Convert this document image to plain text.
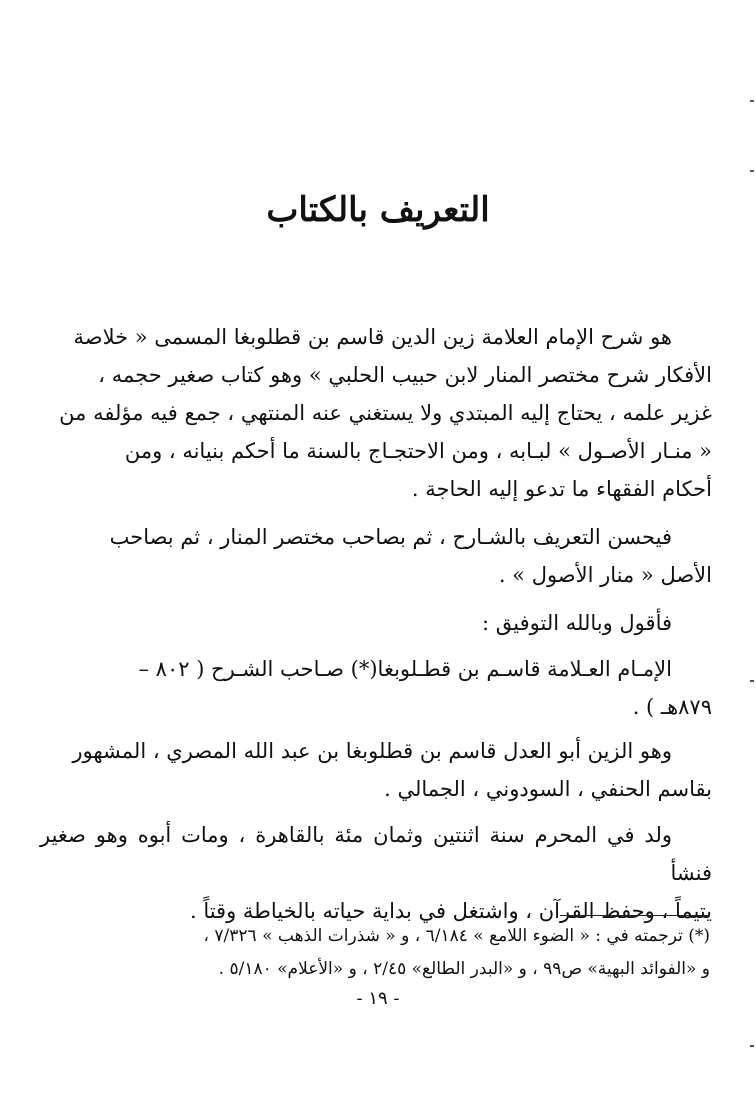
التعريف بالكتاب

هو شرح الإمام العلامة زين الدين قاسم بن قطلوبغا المسمى « خلاصة
الأفكار شرح مختصر المنار لابن حبيب الحلبي » وهو كتاب صغير حجمه ،
غزير علمه ، يحتاج إليه المبتدي ولا يستغني عنه المنتهي ، جمع فيه مؤلفه من
« منـار الأصـول » لبـابه ، ومن الاحتجـاج بالسنة ما أحكم بنيانه ، ومن
أحكام الفقهاء ما تدعو إليه الحاجة .

فيحسن التعريف بالشـارح ، ثم بصاحب مختصر المنار ، ثم بصاحب
الأصل « منار الأصول » .

فأقول وبالله التوفيق :

الإمـام العـلامة قاسـم بن قطـلوبغا(*) صـاحب الشـرح ( ٨٠٢ –
٨٧٩هـ ) .

وهو الزين أبو العدل قاسم بن قطلوبغا بن عبد الله المصري ، المشهور
بقاسم الحنفي ، السودوني ، الجمالي .

ولد في المحرم سنة اثنتين وثمان مئة بالقاهرة ، ومات أبوه وهو صغير فنشأ
يتيماً ، وحفظ القرآن ، واشتغل في بداية حياته بالخياطة وقتاً .

(*) ترجمته في : « الضوء اللامع » ٦/١٨٤ ، و « شذرات الذهب » ٧/٣٢٦ ،
و «الفوائد البهية» ص٩٩ ، و «البدر الطالع» ٢/٤٥ ، و «الأعلام» ٥/١٨٠ .
- ١٩ -
